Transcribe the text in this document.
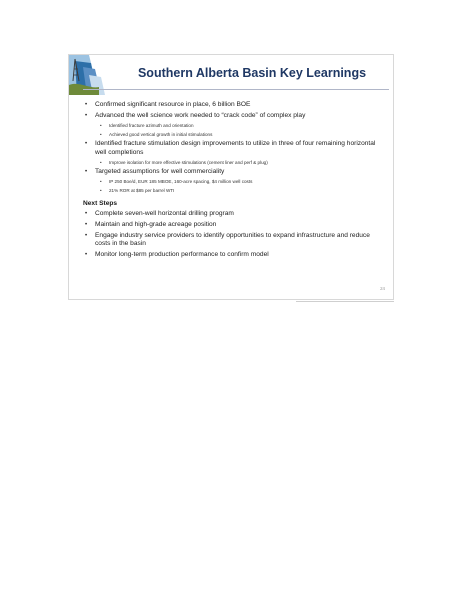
Southern Alberta Basin Key Learnings
• Confirmed significant resource in place, 6 billion BOE
• Advanced the well science work needed to “crack code” of complex play
• Identified fracture azimuth and orientation
• Achieved good vertical growth in initial stimulations
• Identified fracture stimulation design improvements to utilize in three of four remaining horizontal well completions
• Improve isolation for more effective stimulations (cement liner and perf & plug)
• Targeted assumptions for well commerciality
• IP 250 Boe/d, EUR 185 MBOE, 160-acre spacing, $4 million well costs
• 21% ROR at $85 per barrel WTI
Next Steps
• Complete seven-well horizontal drilling program
• Maintain and high-grade acreage position
• Engage industry service providers to identify opportunities to expand infrastructure and reduce costs in the basin
• Monitor long-term production performance to confirm model
24
